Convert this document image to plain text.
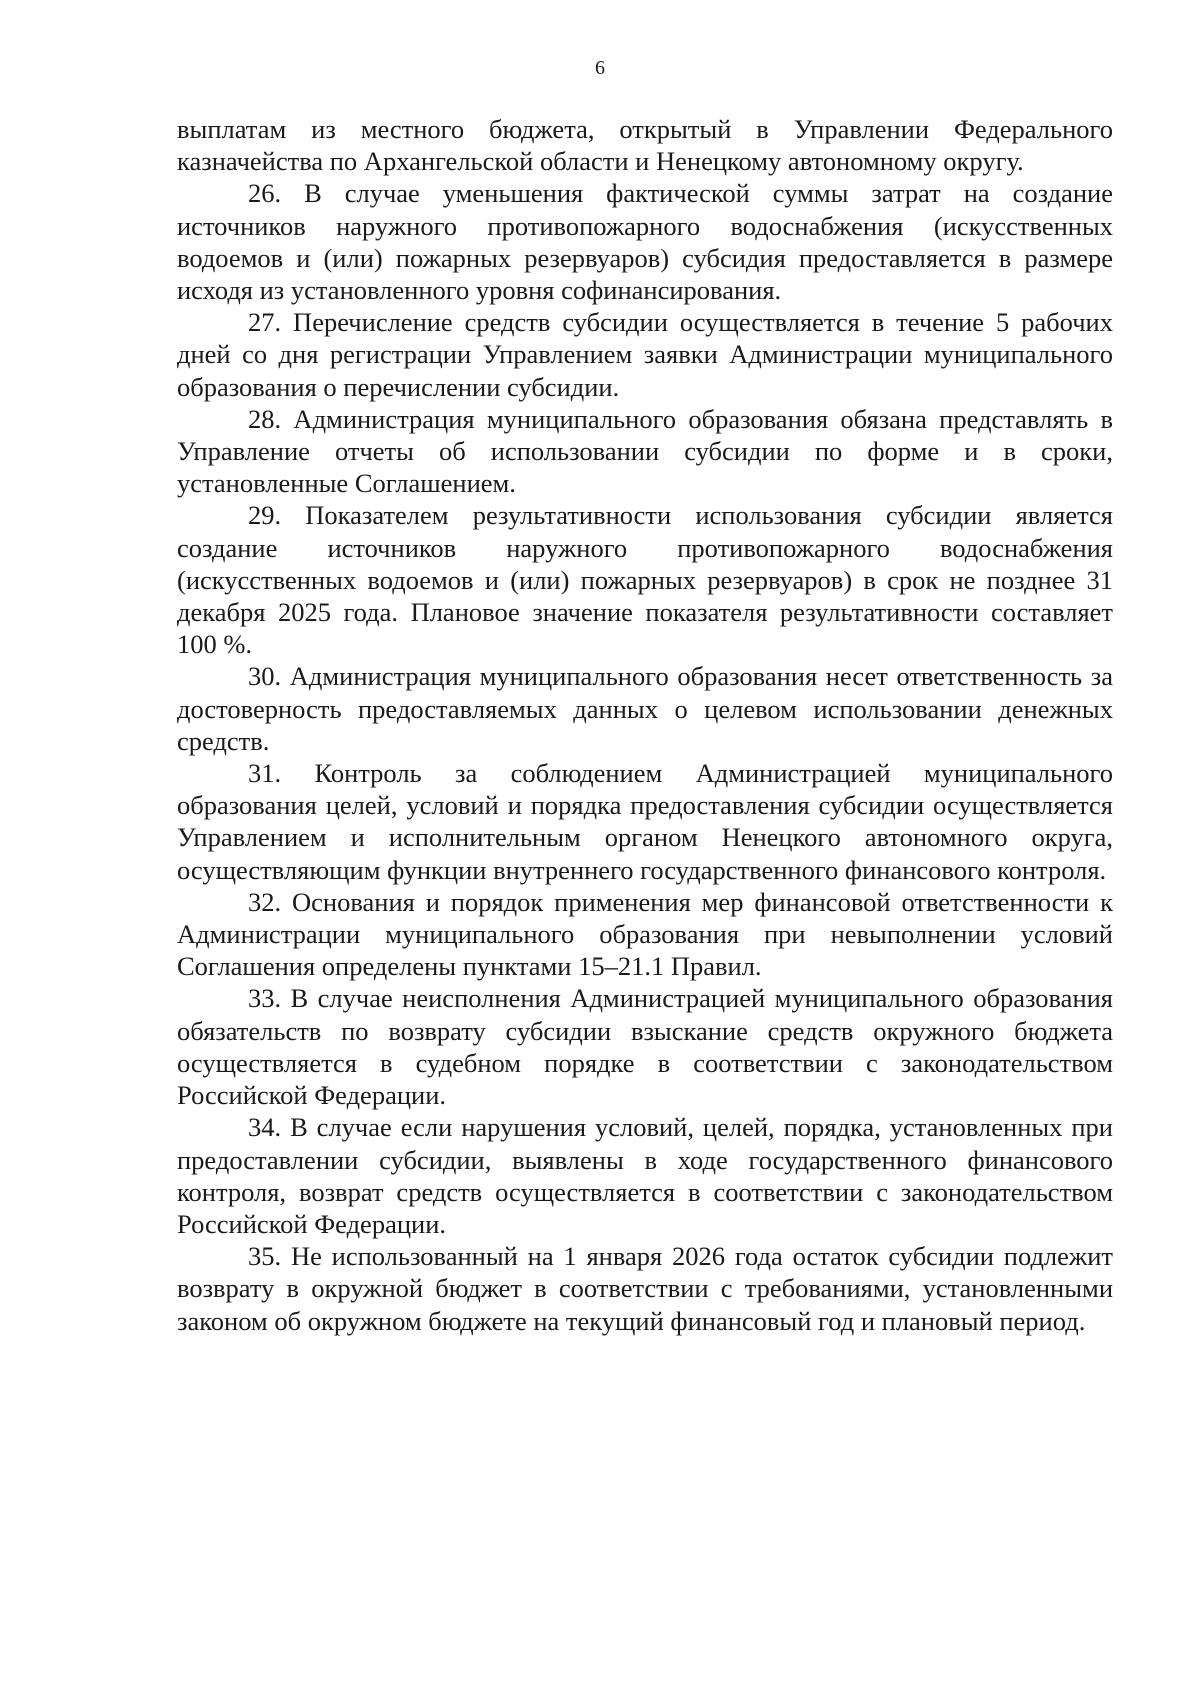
6

выплатам из местного бюджета, открытый в Управлении Федерального казначейства по Архангельской области и Ненецкому автономному округу.

26. В случае уменьшения фактической суммы затрат на создание источников наружного противопожарного водоснабжения (искусственных водоемов и (или) пожарных резервуаров) субсидия предоставляется в размере исходя из установленного уровня софинансирования.

27. Перечисление средств субсидии осуществляется в течение 5 рабочих дней со дня регистрации Управлением заявки Администрации муниципального образования о перечислении субсидии.

28. Администрация муниципального образования обязана представлять в Управление отчеты об использовании субсидии по форме и в сроки, установленные Соглашением.

29. Показателем результативности использования субсидии является создание источников наружного противопожарного водоснабжения (искусственных водоемов и (или) пожарных резервуаров) в срок не позднее 31 декабря 2025 года. Плановое значение показателя результативности составляет 100 %.

30. Администрация муниципального образования несет ответственность за достоверность предоставляемых данных о целевом использовании денежных средств.

31. Контроль за соблюдением Администрацией муниципального образования целей, условий и порядка предоставления субсидии осуществляется Управлением и исполнительным органом Ненецкого автономного округа, осуществляющим функции внутреннего государственного финансового контроля.

32. Основания и порядок применения мер финансовой ответственности к Администрации муниципального образования при невыполнении условий Соглашения определены пунктами 15–21.1 Правил.

33. В случае неисполнения Администрацией муниципального образования обязательств по возврату субсидии взыскание средств окружного бюджета осуществляется в судебном порядке в соответствии с законодательством Российской Федерации.

34. В случае если нарушения условий, целей, порядка, установленных при предоставлении субсидии, выявлены в ходе государственного финансового контроля, возврат средств осуществляется в соответствии с законодательством Российской Федерации.

35. Не использованный на 1 января 2026 года остаток субсидии подлежит возврату в окружной бюджет в соответствии с требованиями, установленными законом об окружном бюджете на текущий финансовый год и плановый период.
